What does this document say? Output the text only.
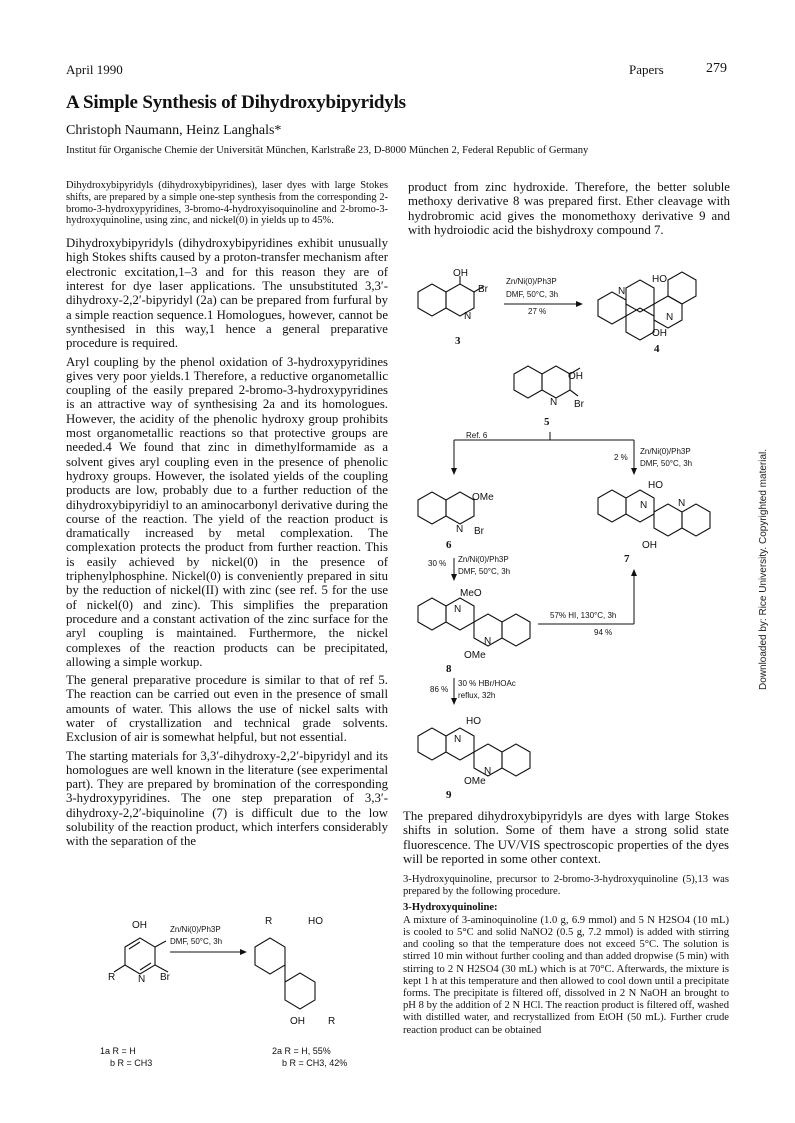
April 1990	Papers	279
A Simple Synthesis of Dihydroxybipyridyls
Christoph Naumann, Heinz Langhals*
Institut für Organische Chemie der Universität München, Karlstraße 23, D-8000 München 2, Federal Republic of Germany

Dihydroxybipyridyls (dihydroxybipyridines), laser dyes with large Stokes shifts, are prepared by a simple one-step synthesis from the corresponding 2-bromo-3-hydroxypyridines, 3-bromo-4-hydroxyisoquinoline and 2-bromo-3-hydroxyquinoline, using zinc, and nickel(0) in yields up to 45%.

Dihydroxybipyridyls (dihydroxybipyridines exhibit unusually high Stokes shifts caused by a proton-transfer mechanism after electronic excitation,1–3 and for this reason they are of interest for dye laser applications. The unsubstituted 3,3′-dihydroxy-2,2′-bipyridyl (2a) can be prepared from furfural by a simple reaction sequence.1 Homologues, however, cannot be synthesised in this way,1 hence a general preparative procedure is required.

Aryl coupling by the phenol oxidation of 3-hydroxypyridines gives very poor yields.1 Therefore, a reductive organometallic coupling of the easily prepared 2-bromo-3-hydroxypyridines is an attractive way of synthesising 2a and its homologues. However, the acidity of the phenolic hydroxy group prohibits most organometallic reactions so that protective groups are needed.4 We found that zinc in dimethylformamide as a solvent gives aryl coupling even in the presence of phenolic hydroxy groups. However, the isolated yields of the coupling products are low, probably due to a further reduction of the dihydroxybipyridiyl to an aminocarbonyl derivative during the course of the reaction. The yield of the reaction product is dramatically increased by metal complexation. The complexation protects the product from further reaction. This is easily achieved by nickel(0) in the presence of triphenylphosphine. Nickel(0) is conveniently prepared in situ by the reduction of nickel(II) with zinc (see ref. 5 for the use of nickel(0) and zinc). This simplifies the preparation procedure and a constant activation of the zinc surface for the aryl coupling is maintained. Furthermore, the nickel complexes of the reaction products can be precipitated, allowing a simple workup.

The general preparative procedure is similar to that of ref 5. The reaction can be carried out even in the presence of small amounts of water. This allows the use of nickel salts with water of crystallization and technical grade solvents. Exclusion of air is somewhat helpful, but not essential.

The starting materials for 3,3′-dihydroxy-2,2′-bipyridyl and its homologues are well known in the literature (see experimental part). They are prepared by bromination of the corresponding 3-hydroxypyridines. The one step preparation of 3,3′-dihydroxy-2,2′-biquinoline (7) is difficult due to the low solubility of the reaction product, which interfers considerably with the separation of the

OH
R N Br
Zn/Ni(0)/Ph3P
DMF, 50°C, 3h
R	HO
OH R
1a R = H
b R = CH3
2a R = H, 55%
b R = CH3, 42%

product from zinc hydroxide. Therefore, the better soluble methoxy derivative 8 was prepared first. Ether cleavage with hydrobromic acid gives the monomethoxy derivative 9 and with hydroiodic acid the bishydroxy compound 7.

OH
Br
N
3
Zn/Ni(0)/Ph3P
DMF, 50°C, 3h
27 %
HO
N
N
OH
4
OH
N Br
5
Ref. 6
2 %
Zn/Ni(0)/Ph3P
DMF, 50°C, 3h
OMe
N Br
6
HO
N	N
OH
7
30 % Zn/Ni(0)/Ph3P
DMF, 50°C, 3h
MeO
N
N
OMe
8
57% HI, 130°C, 3h
94 %
86 %
30 % HBr/HOAc
reflux, 32h
HO
N
N
OMe
9

The prepared dihydroxybipyridyls are dyes with large Stokes shifts in solution. Some of them have a strong solid state fluorescence. The UV/VIS spectroscopic properties of the dyes will be reported in some other context.

3-Hydroxyquinoline, precursor to 2-bromo-3-hydroxyquinoline (5),13 was prepared by the following procedure.

3-Hydroxyquinoline:

A mixture of 3-aminoquinoline (1.0 g, 6.9 mmol) and 5 N H2SO4 (10 mL) is cooled to 5°C and solid NaNO2 (0.5 g, 7.2 mmol) is added with stirring and cooling so that the temperature does not exceed 5°C. The solution is stirred 10 min without further cooling and than added dropwise (5 min) with stirring to 2 N H2SO4 (30 mL) which is at 70°C. Afterwards, the mixture is kept 1 h at this temperature and then allowed to cool down until a precipitate forms. The precipitate is filtered off, dissolved in 2 N NaOH an brought to pH 8 by the addition of 2 N HCl. The reaction product is filtered off, washed with distilled water, and recrystallized from EtOH (50 mL). Further crude reaction product can be obtained

Downloaded by: Rice University. Copyrighted material.
